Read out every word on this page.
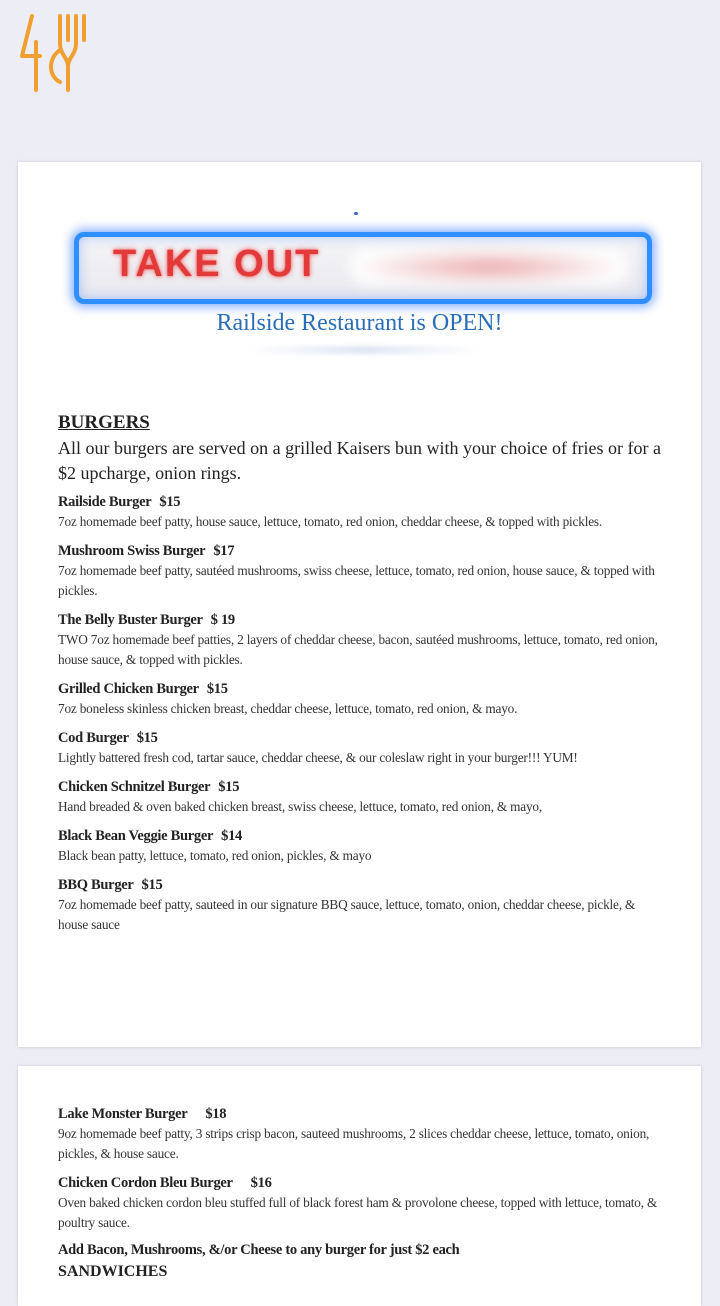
TAKE OUT
Railside Restaurant is OPEN!
BURGERS
All our burgers are served on a grilled Kaisers bun with your choice of fries or for a $2 upcharge, onion rings.
Railside Burger $15
7oz homemade beef patty, house sauce, lettuce, tomato, red onion, cheddar cheese, & topped with pickles.
Mushroom Swiss Burger $17
7oz homemade beef patty, sautéed mushrooms, swiss cheese, lettuce, tomato, red onion, house sauce, & topped with pickles.
The Belly Buster Burger $ 19
TWO 7oz homemade beef patties, 2 layers of cheddar cheese, bacon, sautéed mushrooms, lettuce, tomato, red onion, house sauce, & topped with pickles.
Grilled Chicken Burger $15
7oz boneless skinless chicken breast, cheddar cheese, lettuce, tomato, red onion, & mayo.
Cod Burger $15
Lightly battered fresh cod, tartar sauce, cheddar cheese, & our coleslaw right in your burger!!! YUM!
Chicken Schnitzel Burger $15
Hand breaded & oven baked chicken breast, swiss cheese, lettuce, tomato, red onion, & mayo,
Black Bean Veggie Burger $14
Black bean patty, lettuce, tomato, red onion, pickles, & mayo
BBQ Burger $15
7oz homemade beef patty, sauteed in our signature BBQ sauce, lettuce, tomato, onion, cheddar cheese, pickle, & house sauce
Lake Monster Burger $18
9oz homemade beef patty, 3 strips crisp bacon, sauteed mushrooms, 2 slices cheddar cheese, lettuce, tomato, onion, pickles, & house sauce.
Chicken Cordon Bleu Burger $16
Oven baked chicken cordon bleu stuffed full of black forest ham & provolone cheese, topped with lettuce, tomato, & poultry sauce.
Add Bacon, Mushrooms, &/or Cheese to any burger for just $2 each
SANDWICHES
